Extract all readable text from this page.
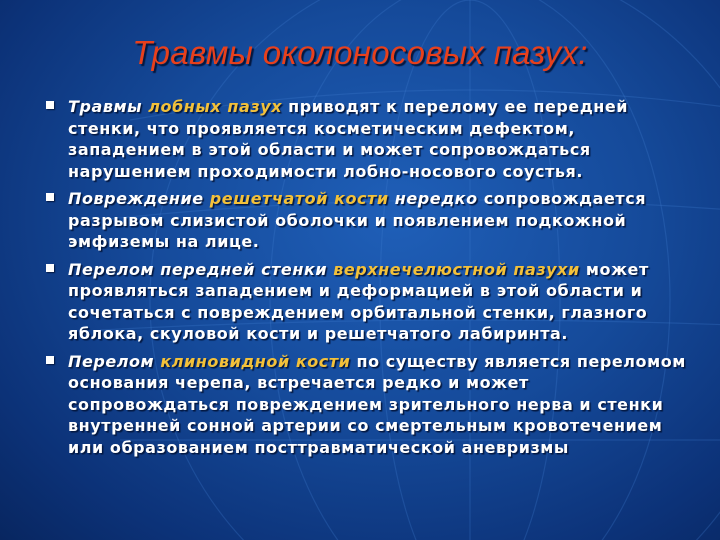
Травмы околоносовых пазух:
Травмы лобных пазух приводят к перелому ее передней стенки, что проявляется косметическим дефектом, западением в этой области и может сопровождаться нарушением проходимости лобно-носового соустья.
Повреждение решетчатой кости нередко сопровождается разрывом слизистой оболочки и появлением подкожной эмфиземы на лице.
Перелом передней стенки верхнечелюстной пазухи может проявляться западением и деформацией в этой области и сочетаться с повреждением орбитальной стенки, глазного яблока, скуловой кости и решетчатого лабиринта.
Перелом клиновидной кости по существу является переломом основания черепа, встречается редко и может сопровождаться повреждением зрительного нерва и стенки внутренней сонной артерии со смертельным кровотечением или образованием посттравматической аневризмы
